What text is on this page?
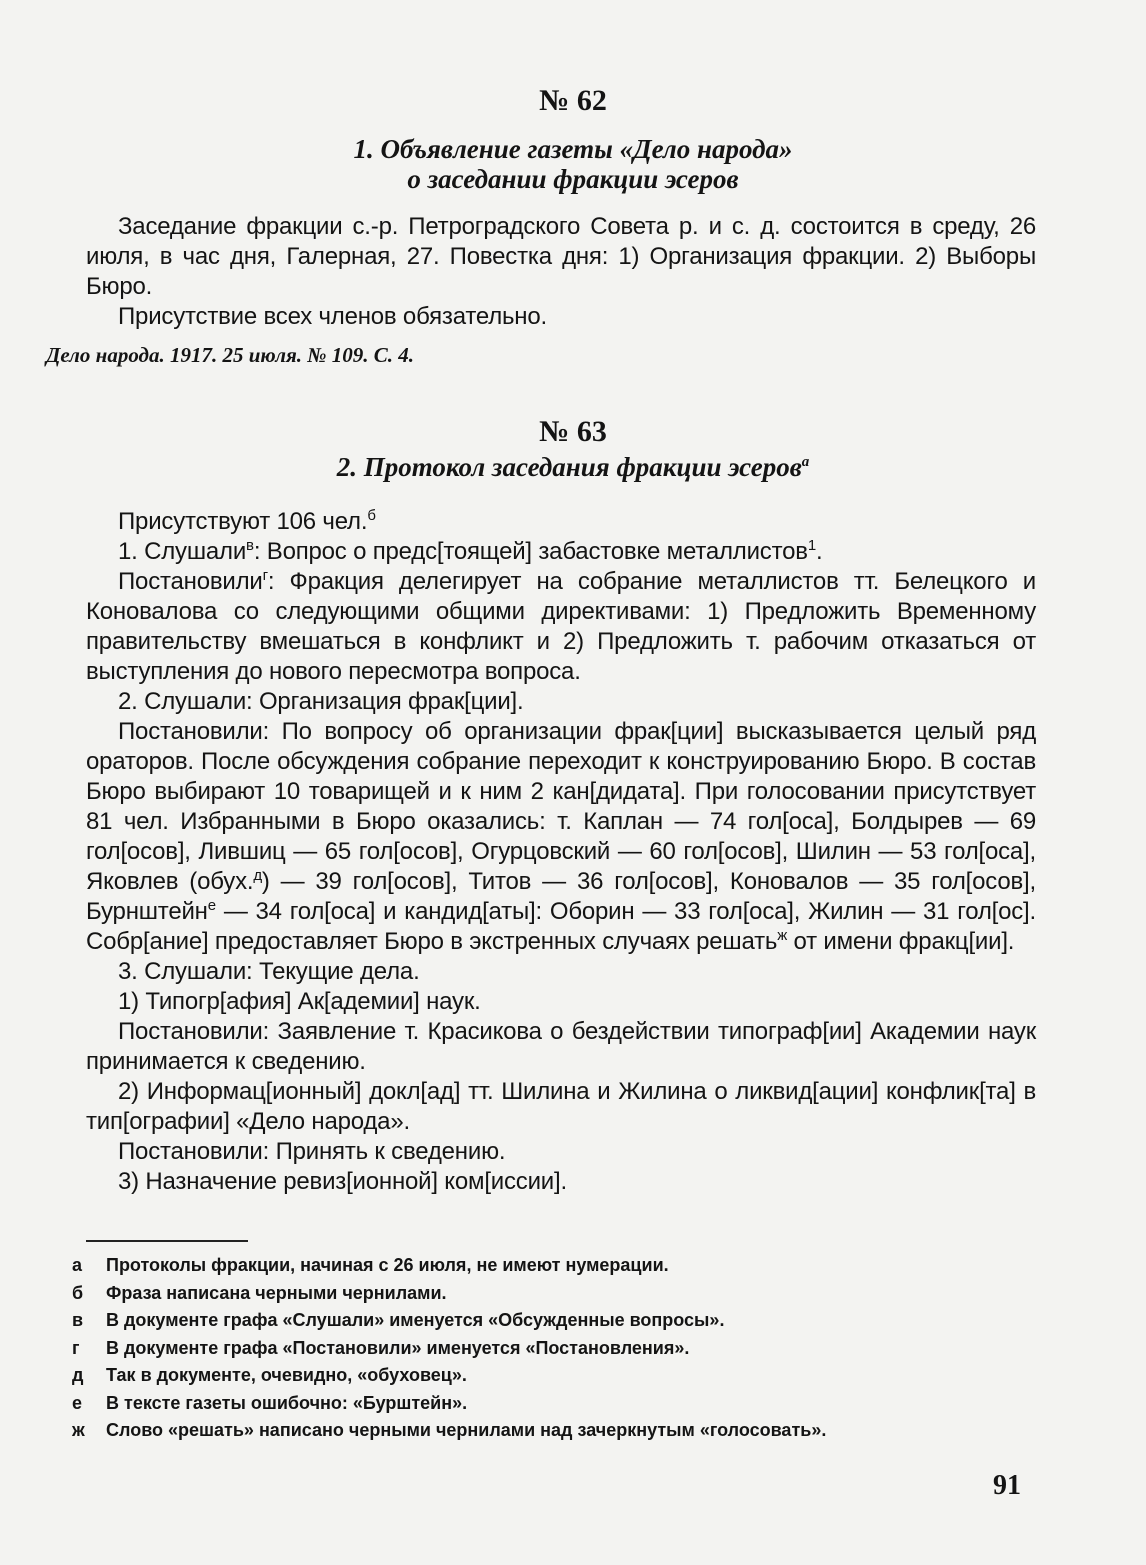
№ 62
1. Объявление газеты «Дело народа»
о заседании фракции эсеров

Заседание фракции с.-р. Петроградского Совета р. и с. д. состоится в среду, 26 июля, в час дня, Галерная, 27. Повестка дня: 1) Организация фракции. 2) Выборы Бюро.

Присутствие всех членов обязательно.

Дело народа. 1917. 25 июля. № 109. С. 4.
№ 63
2. Протокол заседания фракции эсеров$^а$

Присутствуют 106 чел.$^б$

1. Слушали$^в$: Вопрос о предс[тоящей] забастовке металлистов$^1$.

Постановили$^г$: Фракция делегирует на собрание металлистов тт. Белецкого и Коновалова со следующими общими директивами: 1) Предложить Временному правительству вмешаться в конфликт и 2) Предложить т. рабочим отказаться от выступления до нового пересмотра вопроса.

2. Слушали: Организация фрак[ции].

Постановили: По вопросу об организации фрак[ции] высказывается целый ряд ораторов. После обсуждения собрание переходит к конструированию Бюро. В состав Бюро выбирают 10 товарищей и к ним 2 кан[дидата]. При голосовании присутствует 81 чел. Избранными в Бюро оказались: т. Каплан — 74 гол[оса], Болдырев — 69 гол[осов], Лившиц — 65 гол[осов], Огурцовский — 60 гол[осов], Шилин — 53 гол[оса], Яковлев (обух.$^д$) — 39 гол[осов], Титов — 36 гол[осов], Коновалов — 35 гол[осов], Бурнштейн$^е$ — 34 гол[оса] и кандид[аты]: Оборин — 33 гол[оса], Жилин — 31 гол[ос]. Собр[ание] предоставляет Бюро в экстренных случаях решать$^ж$ от имени фракц[ии].

3. Слушали: Текущие дела.

1) Типогр[афия] Ак[адемии] наук.

Постановили: Заявление т. Красикова о бездействии типограф[ии] Академии наук принимается к сведению.

2) Информац[ионный] докл[ад] тт. Шилина и Жилина о ликвид[ации] конфлик[та] в тип[ографии] «Дело народа».

Постановили: Принять к сведению.

3) Назначение ревиз[ионной] ком[иссии].

а	Протоколы фракции, начиная с 26 июля, не имеют нумерации.
б	Фраза написана черными чернилами.
в	В документе графа «Слушали» именуется «Обсужденные вопросы».
г	В документе графа «Постановили» именуется «Постановления».
д	Так в документе, очевидно, «обуховец».
е	В тексте газеты ошибочно: «Бурштейн».
ж	Слово «решать» написано черными чернилами над зачеркнутым «голосовать».
91
